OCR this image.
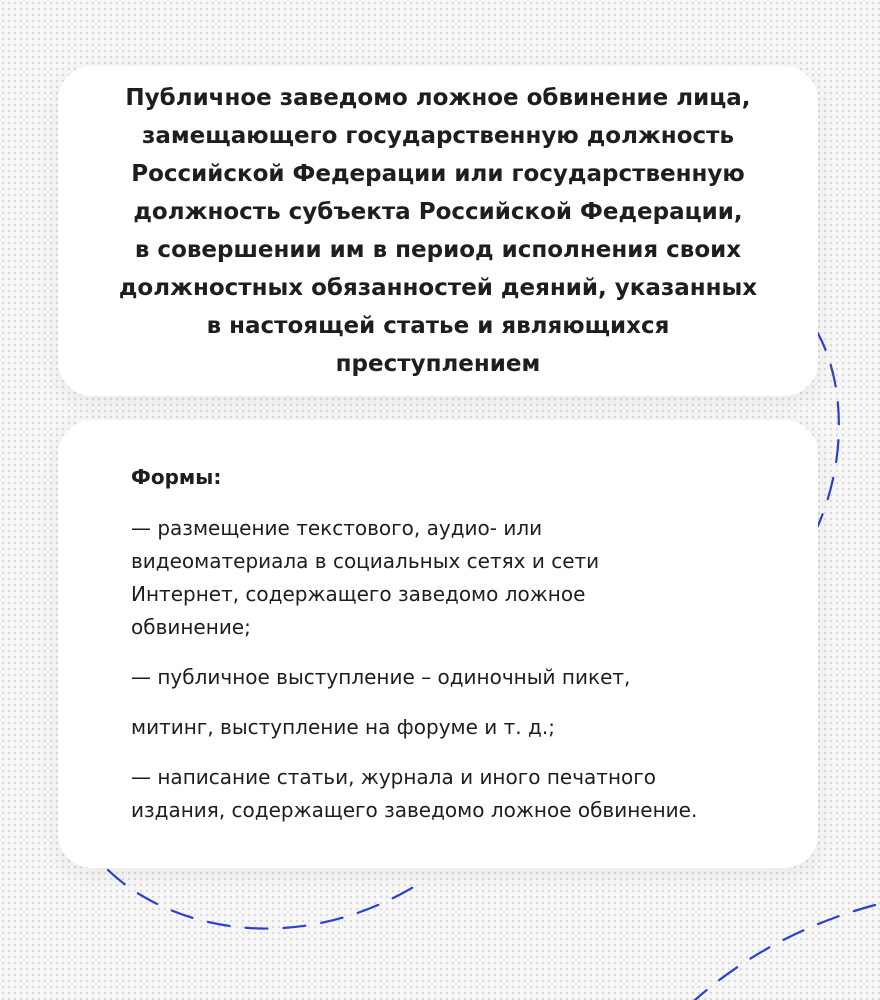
Публичное заведомо ложное обвинение лица,
замещающего государственную должность
Российской Федерации или государственную
должность субъекта Российской Федерации,
в совершении им в период исполнения своих
должностных обязанностей деяний, указанных
в настоящей статье и являющихся
преступлением

Формы:

— размещение текстового, аудио- или
видеоматериала в социальных сетях и сети
Интернет, содержащего заведомо ложное
обвинение;
— публичное выступление – одиночный пикет,
митинг, выступление на форуме и т. д.;
— написание статьи, журнала и иного печатного
издания, содержащего заведомо ложное обвинение.
